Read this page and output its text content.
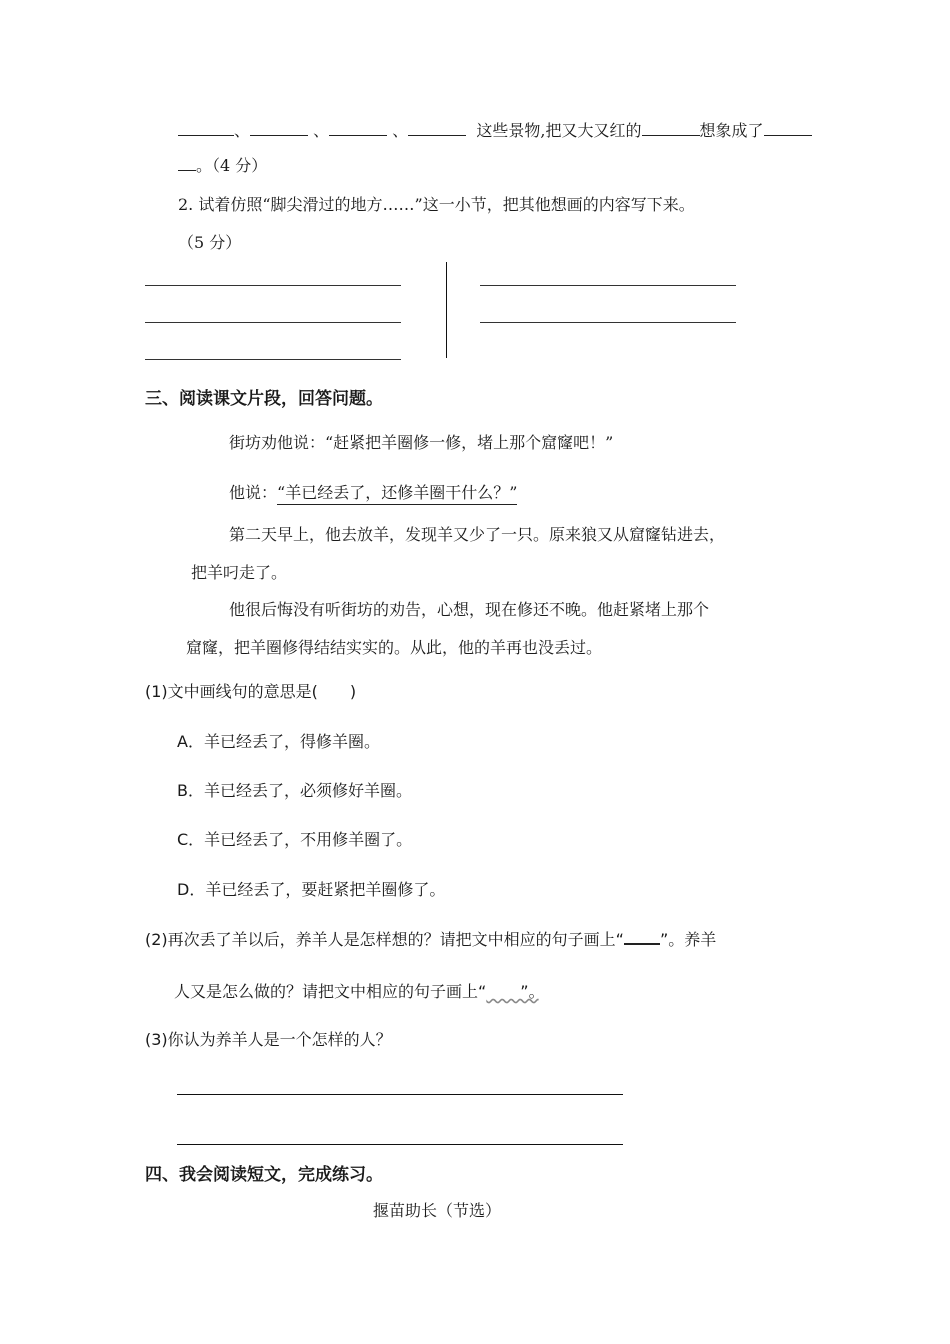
、	、	、	这些景物,把又大又红的	想象成了
。（4 分）
2. 试着仿照“脚尖滑过的地方……”这一小节，把其他想画的内容写下来。
（5 分）
三、阅读课文片段，回答问题。
街坊劝他说：“赶紧把羊圈修一修，堵上那个窟窿吧！”
他说：“羊已经丢了，还修羊圈干什么？”
第二天早上，他去放羊，发现羊又少了一只。原来狼又从窟窿钻进去，
把羊叼走了。
他很后悔没有听街坊的劝告，心想，现在修还不晚。他赶紧堵上那个
窟窿，把羊圈修得结结实实的。从此，他的羊再也没丢过。
(1)文中画线句的意思是(　　)
A．羊已经丢了，得修羊圈。
B．羊已经丢了，必须修好羊圈。
C．羊已经丢了，不用修羊圈了。
D．羊已经丢了，要赶紧把羊圈修了。
(2)再次丢了羊以后，养羊人是怎样想的？请把文中相应的句子画上“ ”。养羊
人又是怎么做的？请把文中相应的句子画上“ ”。
(3)你认为养羊人是一个怎样的人？
四、我会阅读短文，完成练习。
揠苗助长（节选）
